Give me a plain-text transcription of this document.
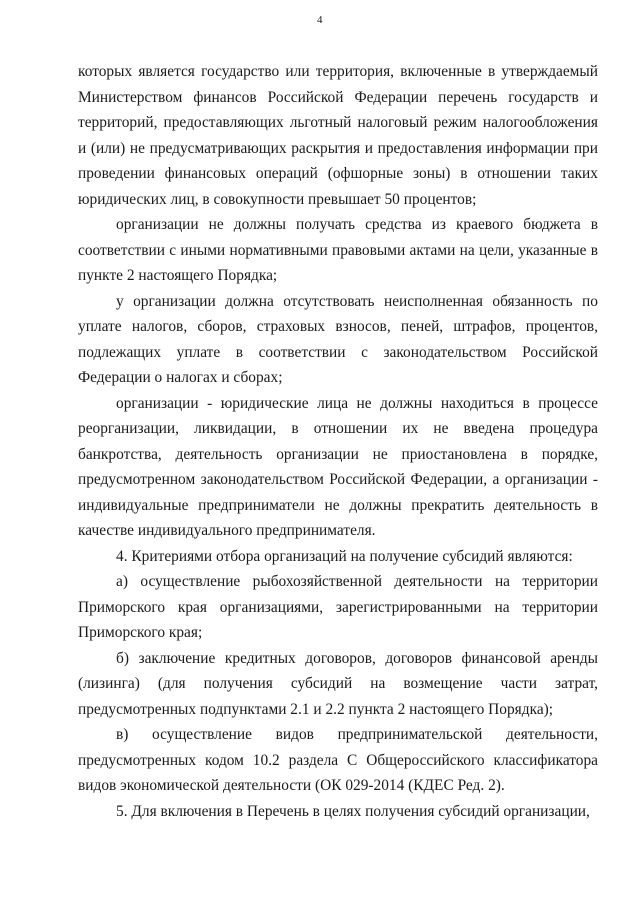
4

которых является государство или территория, включенные в утверждаемый Министерством финансов Российской Федерации перечень государств и территорий, предоставляющих льготный налоговый режим налогообложения и (или) не предусматривающих раскрытия и предоставления информации при проведении финансовых операций (офшорные зоны) в отношении таких юридических лиц, в совокупности превышает 50 процентов;

организации не должны получать средства из краевого бюджета в соответствии с иными нормативными правовыми актами на цели, указанные в пункте 2 настоящего Порядка;

у организации должна отсутствовать неисполненная обязанность по уплате налогов, сборов, страховых взносов, пеней, штрафов, процентов, подлежащих уплате в соответствии с законодательством Российской Федерации о налогах и сборах;

организации - юридические лица не должны находиться в процессе реорганизации, ликвидации, в отношении их не введена процедура банкротства, деятельность организации не приостановлена в порядке, предусмотренном законодательством Российской Федерации, а организации - индивидуальные предприниматели не должны прекратить деятельность в качестве индивидуального предпринимателя.

4. Критериями отбора организаций на получение субсидий являются:

а) осуществление рыбохозяйственной деятельности на территории Приморского края организациями, зарегистрированными на территории Приморского края;

б) заключение кредитных договоров, договоров финансовой аренды (лизинга) (для получения субсидий на возмещение части затрат, предусмотренных подпунктами 2.1 и 2.2 пункта 2 настоящего Порядка);

в) осуществление видов предпринимательской деятельности, предусмотренных кодом 10.2 раздела С Общероссийского классификатора видов экономической деятельности (ОК 029-2014 (КДЕС Ред. 2).

5. Для включения в Перечень в целях получения субсидий организации,
